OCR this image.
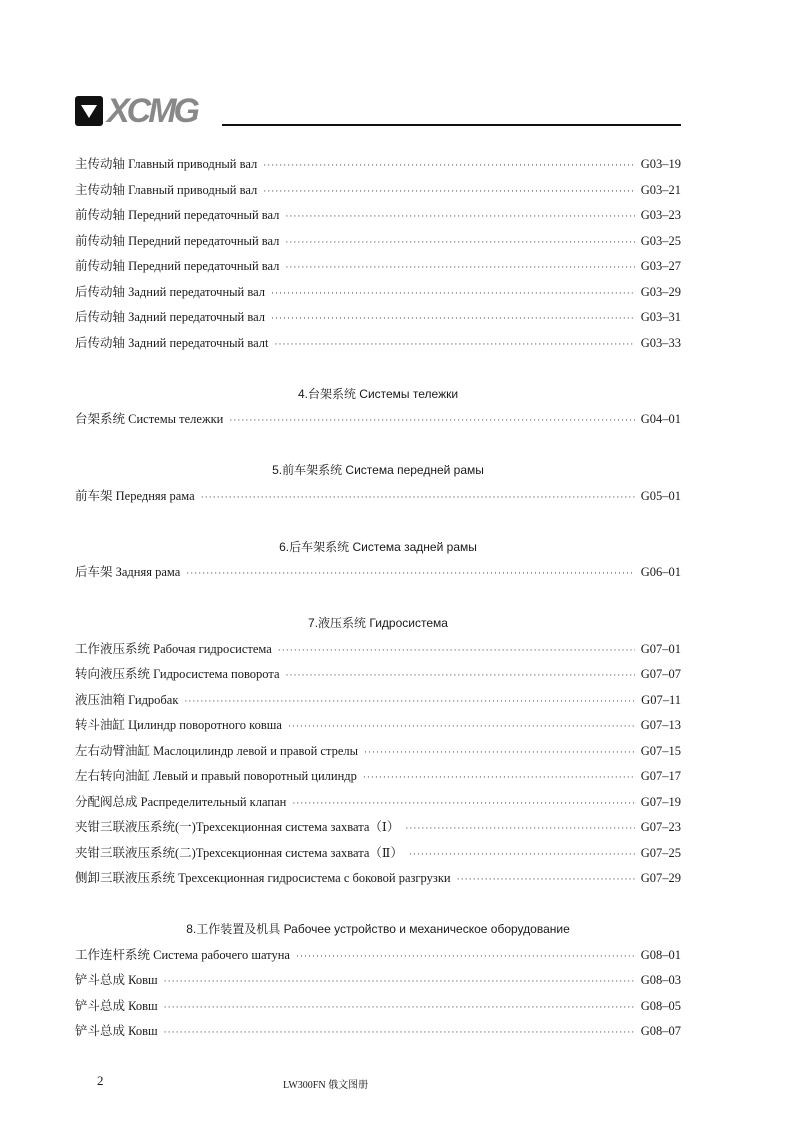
XCMG
主传动轴 Главный приводный вал ·····	G03–19
主传动轴 Главный приводный вал ·····	G03–21
前传动轴 Передний передаточный вал ·····	G03–23
前传动轴 Передний передаточный вал ·····	G03–25
前传动轴 Передний передаточный вал ·····	G03–27
后传动轴 Задний передаточный вал ·····	G03–29
后传动轴 Задний передаточный вал ·····	G03–31
后传动轴 Задний передаточный валt ·····	G03–33
4.台架系统 Системы тележки
台架系统 Системы тележки ·····	G04–01
5.前车架系统 Система передней рамы
前车架 Передняя рама ·····	G05–01
6.后车架系统 Система задней рамы
后车架 Задняя рама ·····	G06–01
7.液压系统 Гидросистема
工作液压系统 Рабочая гидросистема ·····	G07–01
转向液压系统 Гидросистема поворота ·····	G07–07
液压油箱 Гидробак ·····	G07–11
转斗油缸 Цилиндр поворотного ковша ·····	G07–13
左右动臂油缸 Маслоцилиндр левой и правой стрелы ·····	G07–15
左右转向油缸 Левый и правый поворотный цилиндр ·····	G07–17
分配阀总成 Распределительный клапан ·····	G07–19
夹钳三联液压系统(一)Трехсекционная система захвата（Ⅰ） ·····	G07–23
夹钳三联液压系统(二)Трехсекционная система захвата（Ⅱ） ·····	G07–25
侧卸三联液压系统 Трехсекционная гидросистема с боковой разгрузки ·····	G07–29
8.工作装置及机具 Рабочее устройство и механическое оборудование
工作连杆系统 Система рабочего шатуна ·····	G08–01
铲斗总成 Ковш ·····	G08–03
铲斗总成 Ковш ·····	G08–05
铲斗总成 Ковш ·····	G08–07
2	LW300FN 俄文图册
